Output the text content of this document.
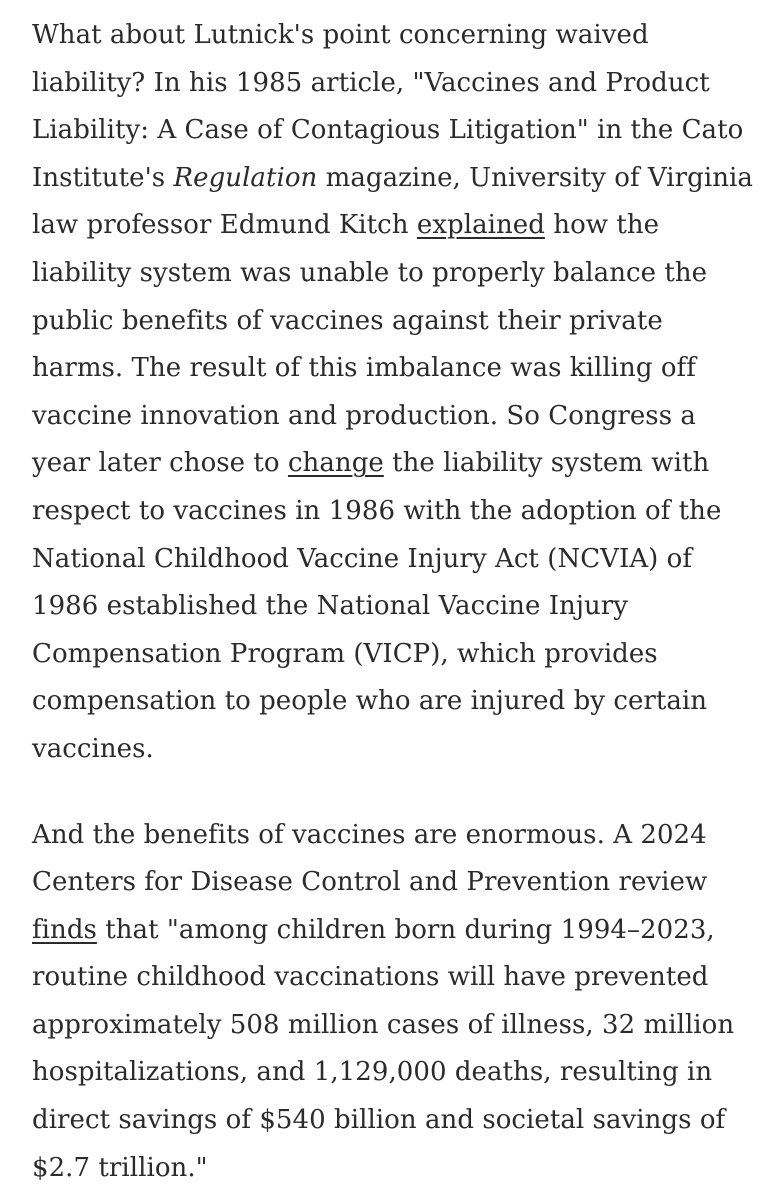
What about Lutnick's point concerning waived
liability? In his 1985 article, "Vaccines and Product
Liability: A Case of Contagious Litigation" in the Cato
Institute's Regulation magazine, University of Virginia
law professor Edmund Kitch explained how the
liability system was unable to properly balance the
public benefits of vaccines against their private
harms. The result of this imbalance was killing off
vaccine innovation and production. So Congress a
year later chose to change the liability system with
respect to vaccines in 1986 with the adoption of the
National Childhood Vaccine Injury Act (NCVIA) of
1986 established the National Vaccine Injury
Compensation Program (VICP), which provides
compensation to people who are injured by certain
vaccines.

And the benefits of vaccines are enormous. A 2024
Centers for Disease Control and Prevention review
finds that "among children born during 1994–2023,
routine childhood vaccinations will have prevented
approximately 508 million cases of illness, 32 million
hospitalizations, and 1,129,000 deaths, resulting in
direct savings of $540 billion and societal savings of
$2.7 trillion."
